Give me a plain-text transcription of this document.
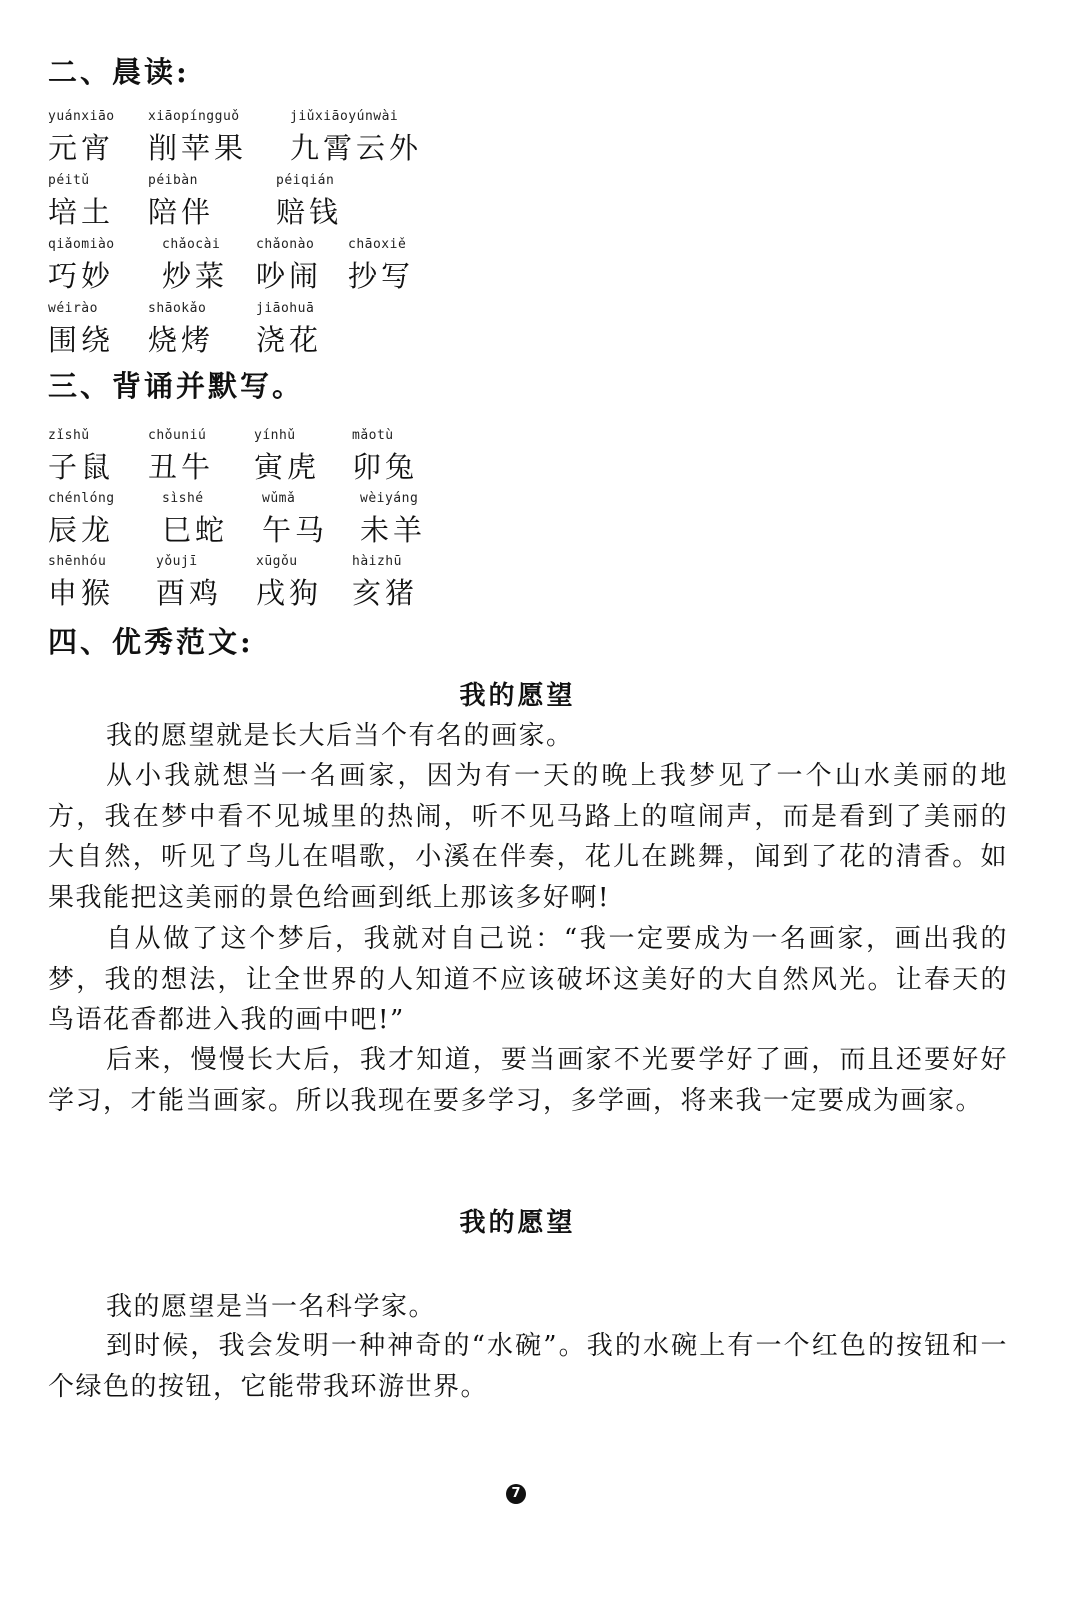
二、晨读:
yuánxiāo
元宵
xiāopíngguǒ
削苹果
jiǔxiāoyúnwài
九霄云外
péitǔ
培土
péibàn
陪伴
péiqián
赔钱
qiǎomiào
巧妙
chǎocài
炒菜
chǎonào
吵闹
chāoxiě
抄写
wéirào
围绕
shāokǎo
烧烤
jiāohuā
浇花
三、背诵并默写。
zǐshǔ
子鼠
chǒuniú
丑牛
yínhǔ
寅虎
mǎotù
卯兔
chénlóng
辰龙
sìshé
巳蛇
wǔmǎ
午马
wèiyáng
未羊
shēnhóu
申猴
yǒujī
酉鸡
xūgǒu
戌狗
hàizhū
亥猪
四、优秀范文:
我的愿望

我的愿望就是长大后当个有名的画家。

从小我就想当一名画家，因为有一天的晚上我梦见了一个山水美丽的地方，我在梦中看不见城里的热闹，听不见马路上的喧闹声，而是看到了美丽的大自然，听见了鸟儿在唱歌，小溪在伴奏，花儿在跳舞，闻到了花的清香。如果我能把这美丽的景色给画到纸上那该多好啊!

自从做了这个梦后，我就对自己说：“我一定要成为一名画家，画出我的梦，我的想法，让全世界的人知道不应该破坏这美好的大自然风光。让春天的鸟语花香都进入我的画中吧!”

后来，慢慢长大后，我才知道，要当画家不光要学好了画，而且还要好好学习，才能当画家。所以我现在要多学习，多学画，将来我一定要成为画家。

我的愿望

我的愿望是当一名科学家。

到时候，我会发明一种神奇的“水碗”。我的水碗上有一个红色的按钮和一个绿色的按钮，它能带我环游世界。

7
